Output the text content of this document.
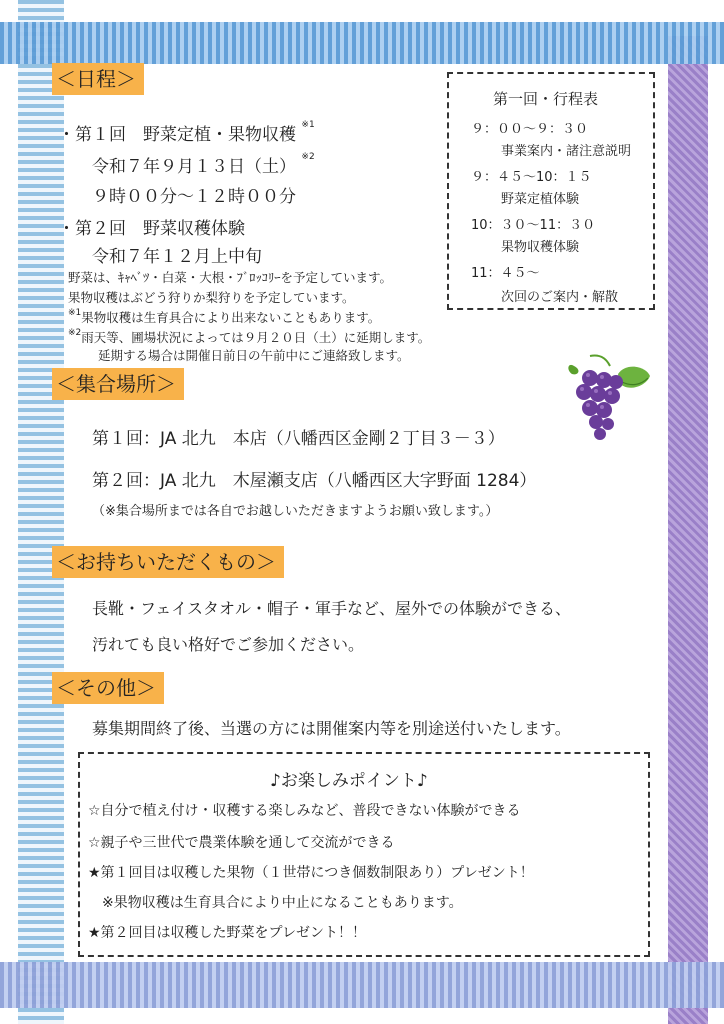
＜日程＞
・第１回　野菜定植・果物収穫 $^{※1}$
令和７年９月１３日（土） $^{※2}$
９時００分～１２時００分
・第２回　野菜収穫体験
令和７年１２月上中旬
野菜は、ｷｬﾍﾞﾂ・白菜・大根・ﾌﾞﾛｯｺﾘｰを予定しています。
果物収穫はぶどう狩りか梨狩りを予定しています。
$^{※1}$果物収穫は生育具合により出来ないこともあります。
$^{※2}$雨天等、圃場状況によっては９月２０日（土）に延期します。
延期する場合は開催日前日の午前中にご連絡致します。
第一回・行程表
９：００～９：３０
事業案内・諸注意説明
９：４５～10：１５
野菜定植体験
10：３０～11：３０
果物収穫体験
11：４５～
次回のご案内・解散
＜集合場所＞
第１回：JA 北九　本店（八幡西区金剛２丁目３－３）
第２回：JA 北九　木屋瀬支店（八幡西区大字野面 1284）
（※集合場所までは各自でお越しいただきますようお願い致します。）
＜お持ちいただくもの＞
長靴・フェイスタオル・帽子・軍手など、屋外での体験ができる、
汚れても良い格好でご参加ください。
＜その他＞
募集期間終了後、当選の方には開催案内等を別途送付いたします。
♪お楽しみポイント♪
☆自分で植え付け・収穫する楽しみなど、普段できない体験ができる
☆親子や三世代で農業体験を通して交流ができる
★第１回目は収穫した果物（１世帯につき個数制限あり）プレゼント！
　※果物収穫は生育具合により中止になることもあります。
★第２回目は収穫した野菜をプレゼント！！
